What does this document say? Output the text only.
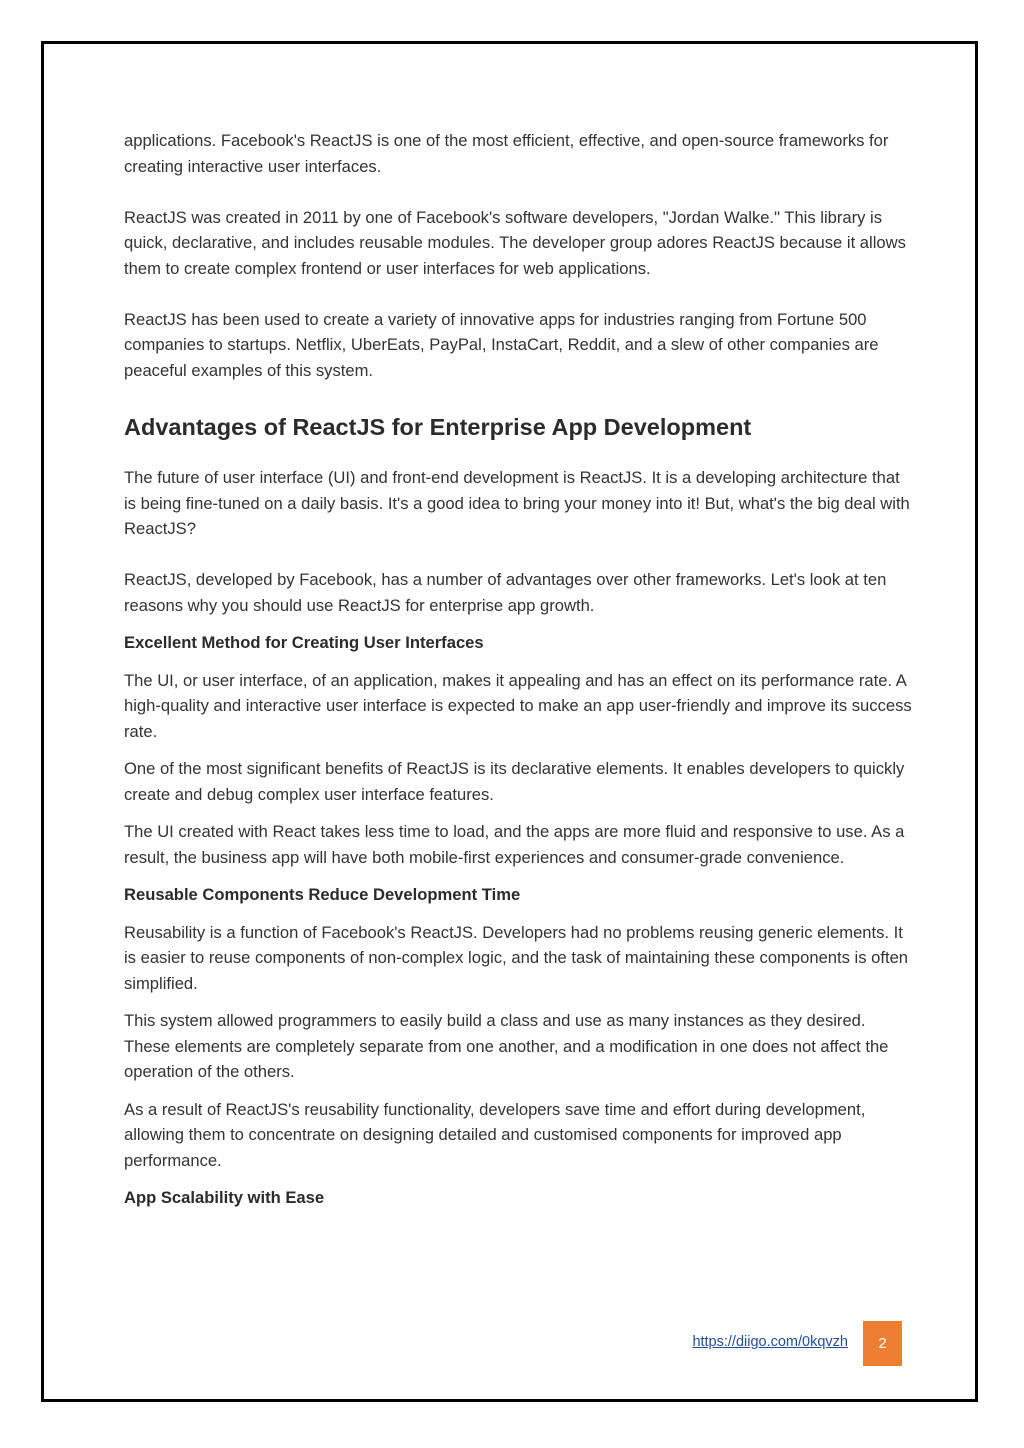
applications. Facebook's ReactJS is one of the most efficient, effective, and open-source frameworks for creating interactive user interfaces.

ReactJS was created in 2011 by one of Facebook's software developers, "Jordan Walke." This library is quick, declarative, and includes reusable modules. The developer group adores ReactJS because it allows them to create complex frontend or user interfaces for web applications.

ReactJS has been used to create a variety of innovative apps for industries ranging from Fortune 500 companies to startups. Netflix, UberEats, PayPal, InstaCart, Reddit, and a slew of other companies are peaceful examples of this system.

Advantages of ReactJS for Enterprise App Development

The future of user interface (UI) and front-end development is ReactJS. It is a developing architecture that is being fine-tuned on a daily basis. It's a good idea to bring your money into it! But, what's the big deal with ReactJS?

ReactJS, developed by Facebook, has a number of advantages over other frameworks. Let's look at ten reasons why you should use ReactJS for enterprise app growth.

Excellent Method for Creating User Interfaces

The UI, or user interface, of an application, makes it appealing and has an effect on its performance rate. A high-quality and interactive user interface is expected to make an app user-friendly and improve its success rate.

One of the most significant benefits of ReactJS is its declarative elements. It enables developers to quickly create and debug complex user interface features.

The UI created with React takes less time to load, and the apps are more fluid and responsive to use. As a result, the business app will have both mobile-first experiences and consumer-grade convenience.

Reusable Components Reduce Development Time

Reusability is a function of Facebook's ReactJS. Developers had no problems reusing generic elements. It is easier to reuse components of non-complex logic, and the task of maintaining these components is often simplified.

This system allowed programmers to easily build a class and use as many instances as they desired. These elements are completely separate from one another, and a modification in one does not affect the operation of the others.

As a result of ReactJS's reusability functionality, developers save time and effort during development, allowing them to concentrate on designing detailed and customised components for improved app performance.

App Scalability with Ease
https://diigo.com/0kqvzh	2
